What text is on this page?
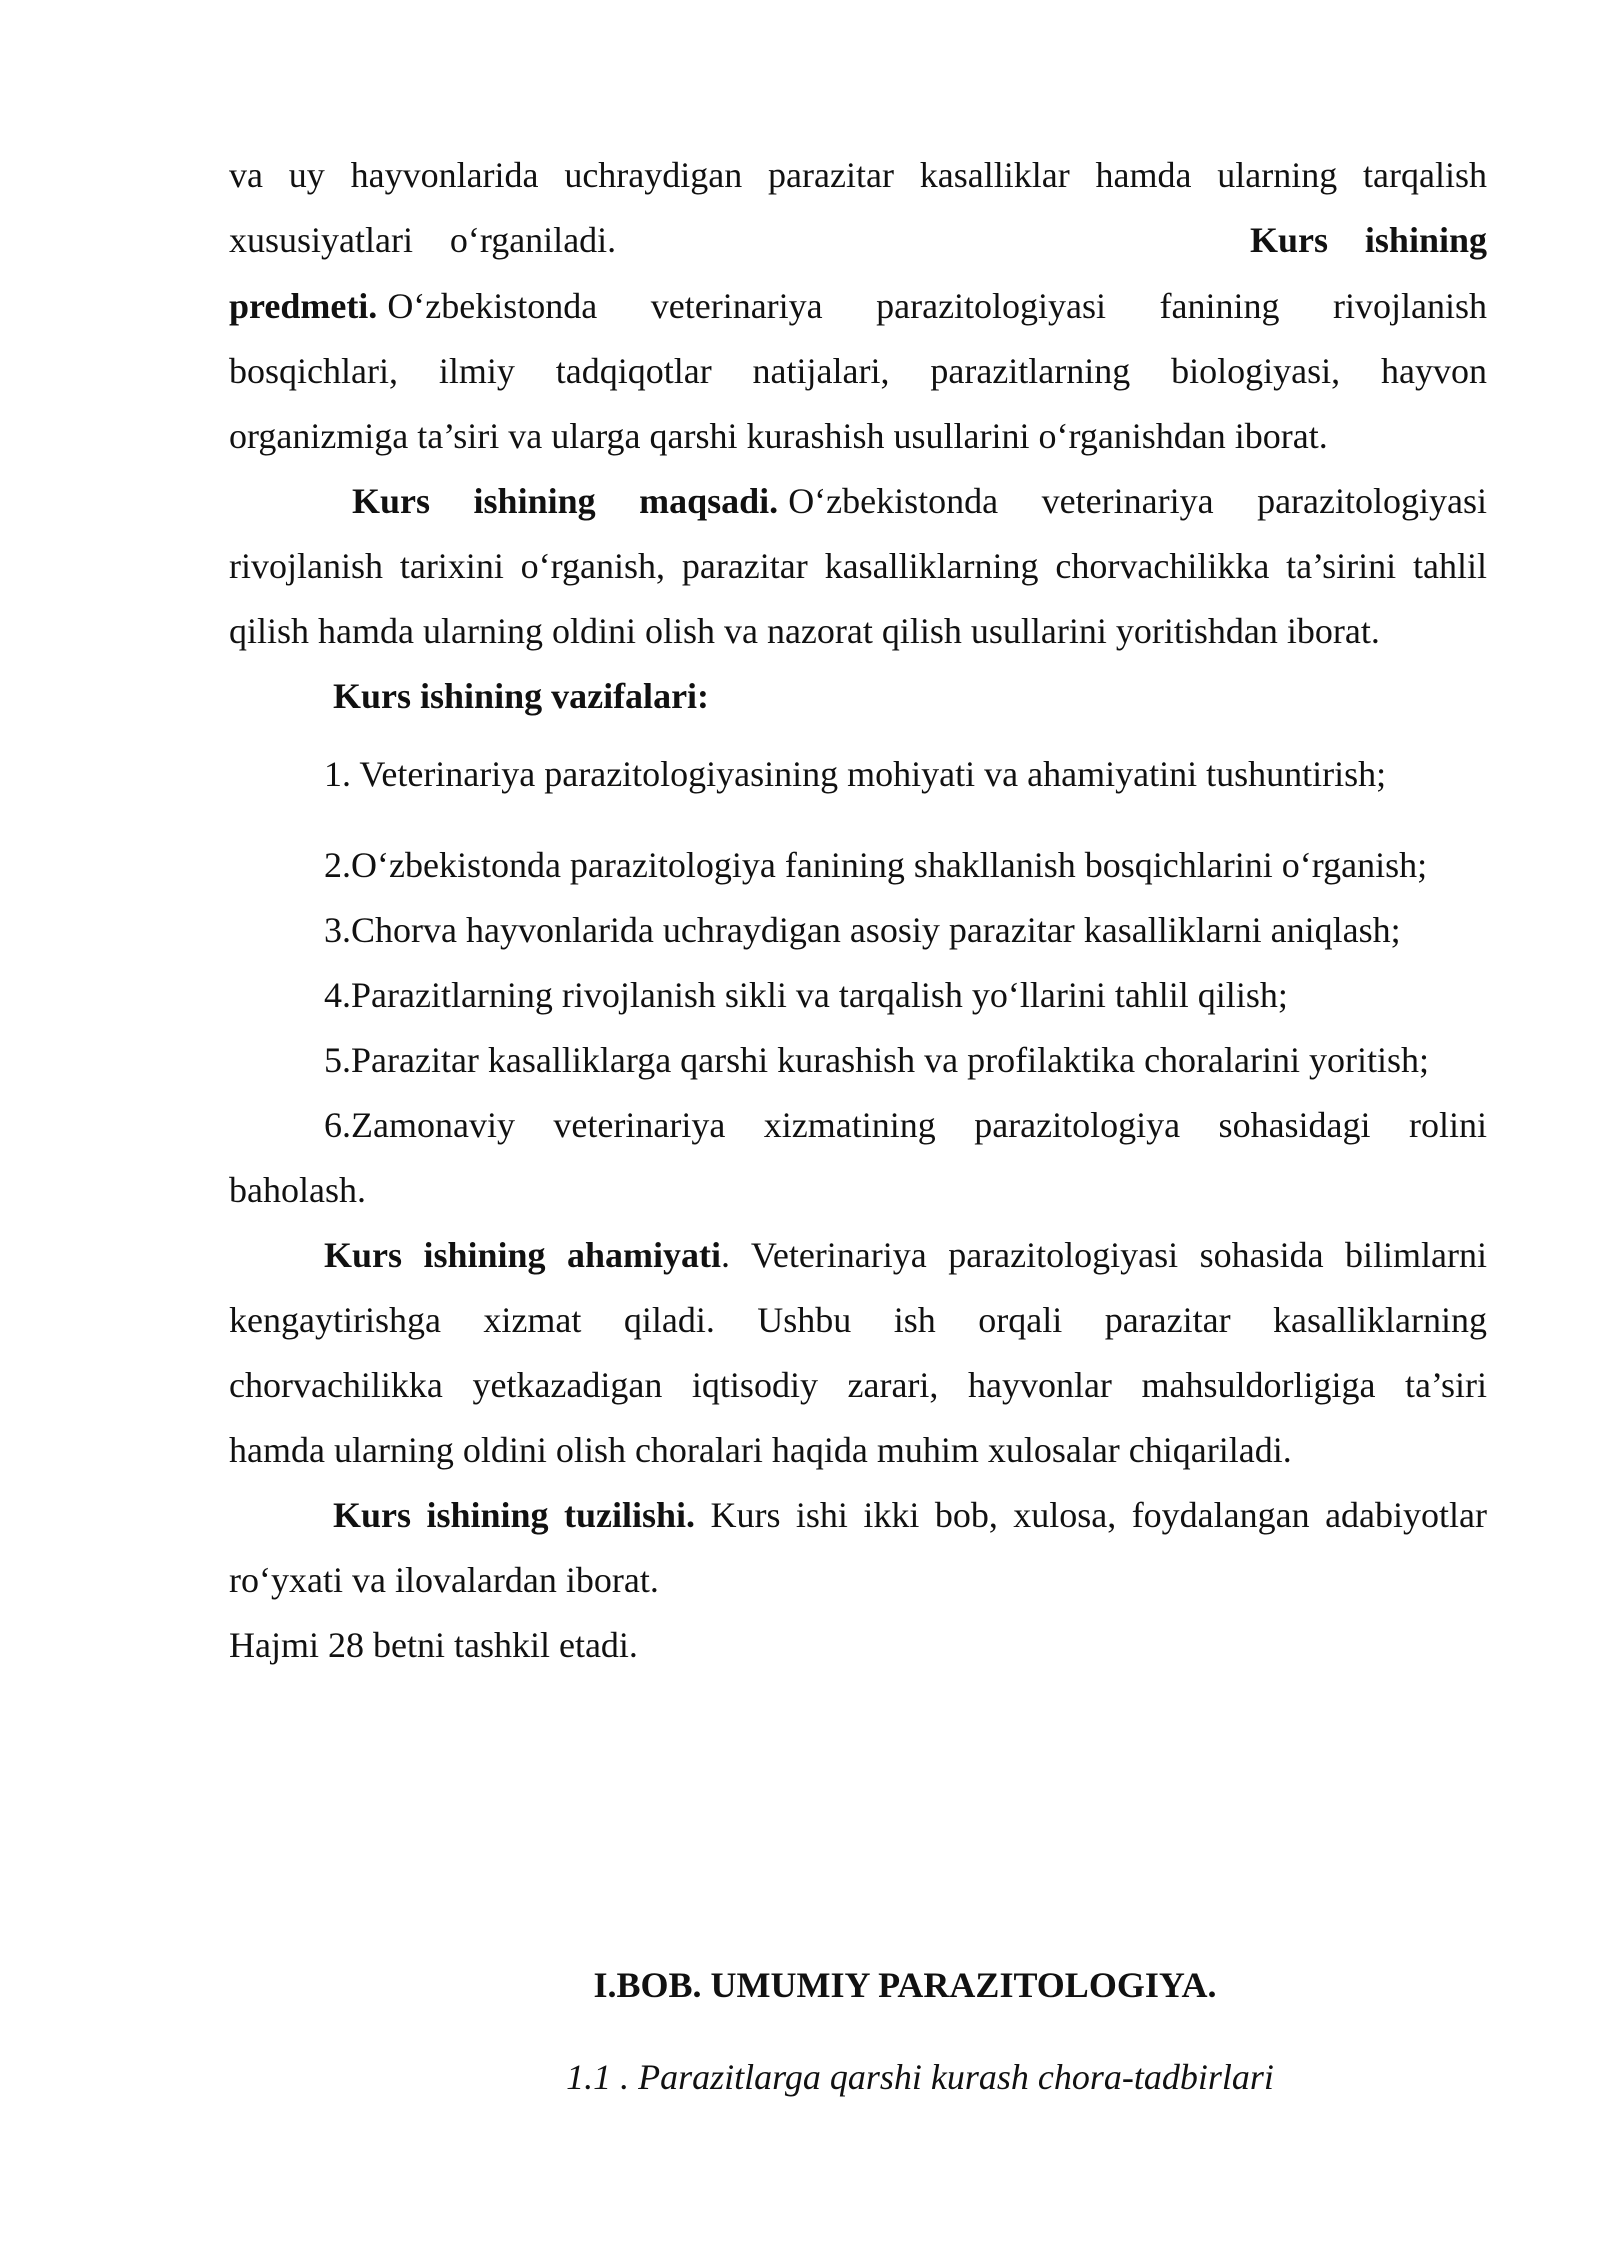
va uy hayvonlarida uchraydigan parazitar kasalliklar hamda ularning tarqalish
xususiyatlari o‘rganiladi.	Kurs ishining
predmeti. O‘zbekistonda veterinariya parazitologiyasi fanining rivojlanish
bosqichlari, ilmiy tadqiqotlar natijalari, parazitlarning biologiyasi, hayvon
organizmiga ta’siri va ularga qarshi kurashish usullarini o‘rganishdan iborat.
Kurs ishining maqsadi. O‘zbekistonda veterinariya parazitologiyasi
rivojlanish tarixini o‘rganish, parazitar kasalliklarning chorvachilikka ta’sirini tahlil
qilish hamda ularning oldini olish va nazorat qilish usullarini yoritishdan iborat.
Kurs ishining vazifalari:
1. Veterinariya parazitologiyasining mohiyati va ahamiyatini tushuntirish;
2.O‘zbekistonda parazitologiya fanining shakllanish bosqichlarini o‘rganish;
3.Chorva hayvonlarida uchraydigan asosiy parazitar kasalliklarni aniqlash;
4.Parazitlarning rivojlanish sikli va tarqalish yo‘llarini tahlil qilish;
5.Parazitar kasalliklarga qarshi kurashish va profilaktika choralarini yoritish;
6.Zamonaviy veterinariya xizmatining parazitologiya sohasidagi rolini
baholash.
Kurs ishining ahamiyati. Veterinariya parazitologiyasi sohasida bilimlarni
kengaytirishga xizmat qiladi. Ushbu ish orqali parazitar kasalliklarning
chorvachilikka yetkazadigan iqtisodiy zarari, hayvonlar mahsuldorligiga ta’siri
hamda ularning oldini olish choralari haqida muhim xulosalar chiqariladi.
Kurs ishining tuzilishi. Kurs ishi ikki bob, xulosa, foydalangan adabiyotlar
ro‘yxati va ilovalardan iborat.
Hajmi 28 betni tashkil etadi.
I.BOB. UMUMIY PARAZITOLOGIYA.
1.1 . Parazitlarga qarshi kurash chora-tadbirlari
